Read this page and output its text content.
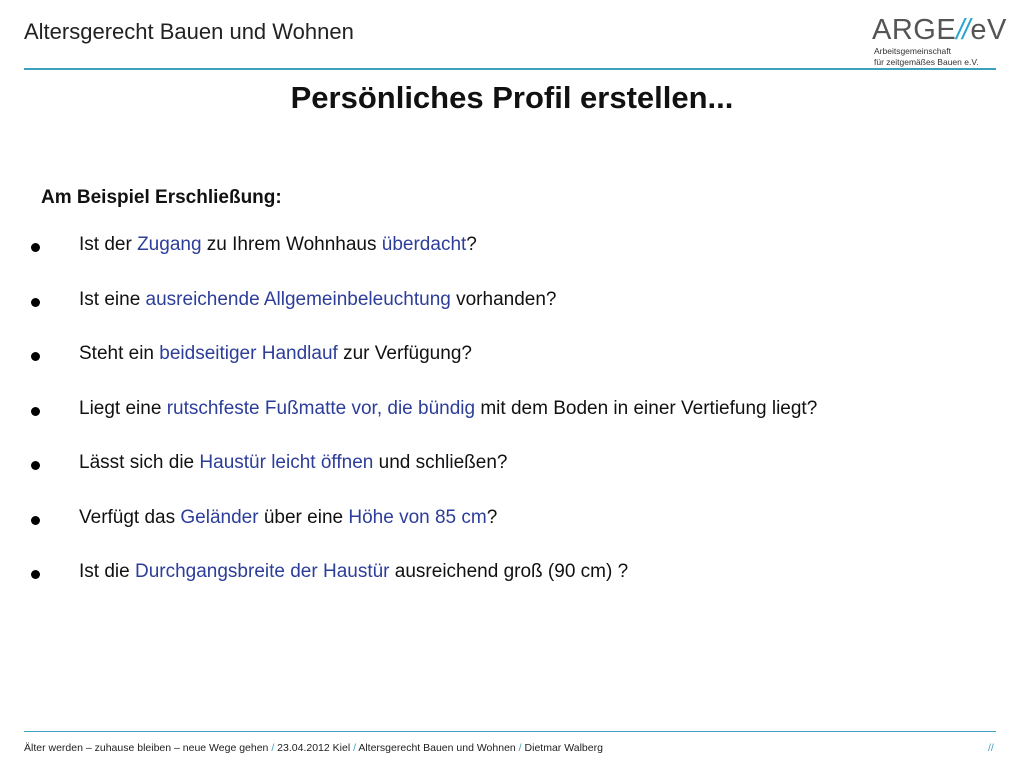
Altersgerecht Bauen und Wohnen	ARGE//eV
Arbeitsgemeinschaft
für zeitgemäßes Bauen e.V.
Persönliches Profil erstellen...
Am Beispiel Erschließung:
Ist der Zugang zu Ihrem Wohnhaus überdacht?
Ist eine ausreichende Allgemeinbeleuchtung vorhanden?
Steht ein beidseitiger Handlauf zur Verfügung?
Liegt eine rutschfeste Fußmatte vor, die bündig mit dem Boden in einer Vertiefung liegt?
Lässt sich die Haustür leicht öffnen und schließen?
Verfügt das Geländer über eine Höhe von 85 cm?
Ist die Durchgangsbreite der Haustür ausreichend groß (90 cm) ?
Älter werden – zuhause bleiben – neue Wege gehen / 23.04.2012 Kiel / Altersgerecht Bauen und Wohnen / Dietmar Walberg	//
